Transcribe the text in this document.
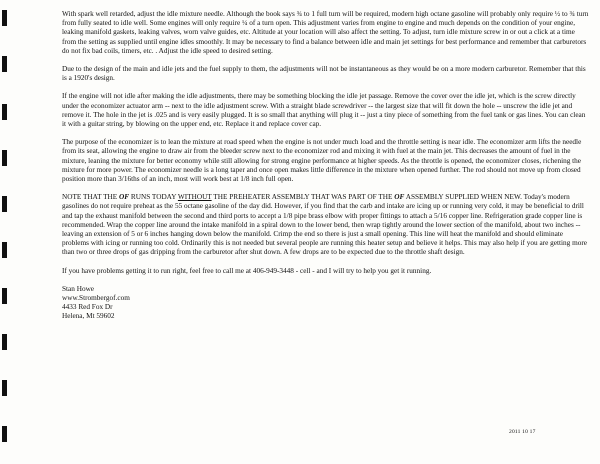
With spark well retarded, adjust the idle mixture needle. Although the book says ¾ to 1 full turn will be required, modern high octane gasoline will probably only require ½ to ¾ turn from fully seated to idle well. Some engines will only require ¼ of a turn open. This adjustment varies from engine to engine and much depends on the condition of your engine, leaking manifold gaskets, leaking valves, worn valve guides, etc. Altitude at your location will also affect the setting. To adjust, turn idle mixture screw in or out a click at a time from the setting as supplied until engine idles smoothly. It may be necessary to find a balance between idle and main jet settings for best performance and remember that carburetors do not fix bad coils, timers, etc. . Adjust the idle speed to desired setting.

Due to the design of the main and idle jets and the fuel supply to them, the adjustments will not be instantaneous as they would be on a more modern carburetor. Remember that this is a 1920's design.

If the engine will not idle after making the idle adjustments, there may be something blocking the idle jet passage. Remove the cover over the idle jet, which is the screw directly under the economizer actuator arm -- next to the idle adjustment screw. With a straight blade screwdriver -- the largest size that will fit down the hole -- unscrew the idle jet and remove it. The hole in the jet is .025 and is very easily plugged. It is so small that anything will plug it -- just a tiny piece of something from the fuel tank or gas lines. You can clean it with a guitar string, by blowing on the upper end, etc. Replace it and replace cover cap.

The purpose of the economizer is to lean the mixture at road speed when the engine is not under much load and the throttle setting is near idle. The economizer arm lifts the needle from its seat, allowing the engine to draw air from the bleeder screw next to the economizer rod and mixing it with fuel at the main jet. This decreases the amount of fuel in the mixture, leaning the mixture for better economy while still allowing for strong engine performance at higher speeds. As the throttle is opened, the economizer closes, richening the mixture for more power. The economizer needle is a long taper and once open makes little difference in the mixture when opened further. The rod should not move up from closed position more than 3/16ths of an inch, most will work best at 1/8 inch full open.

NOTE THAT THE OF RUNS TODAY WITHOUT THE PREHEATER ASSEMBLY THAT WAS PART OF THE OF ASSEMBLY SUPPLIED WHEN NEW. Today's modern gasolines do not require preheat as the 55 octane gasoline of the day did. However, if you find that the carb and intake are icing up or running very cold, it may be beneficial to drill and tap the exhaust manifold between the second and third ports to accept a 1/8 pipe brass elbow with proper fittings to attach a 5/16 copper line. Refrigeration grade copper line is recommended. Wrap the copper line around the intake manifold in a spiral down to the lower bend, then wrap tightly around the lower section of the manifold, about two inches -- leaving an extension of 5 or 6 inches hanging down below the manifold. Crimp the end so there is just a small opening. This line will heat the manifold and should eliminate problems with icing or running too cold. Ordinarily this is not needed but several people are running this heater setup and believe it helps. This may also help if you are getting more than two or three drops of gas dripping from the carburetor after shut down. A few drops are to be expected due to the throttle shaft design.

If you have problems getting it to run right, feel free to call me at 406-949-3448 - cell - and I will try to help you get it running.

Stan Howe
www.Strombergof.com
4433 Red Fox Dr
Helena, Mt 59602
2011 10 17
